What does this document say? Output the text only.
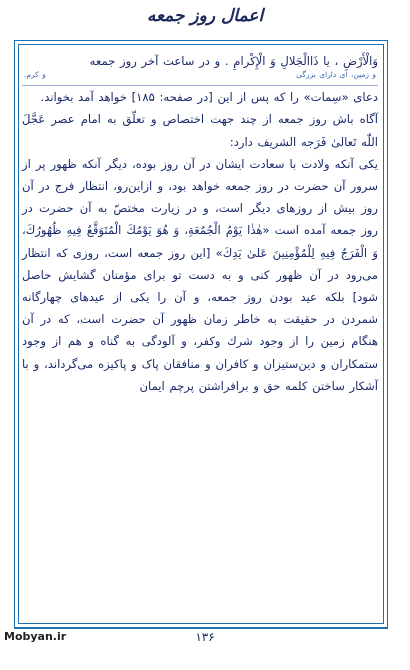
اعمال روز جمعه
وَالْأَرْضِ ، يا ذَاالْجَلالِ وَ الْإِكْرامِ . و در ساعت آخر روز جمعه
و زمين، اى داراى بزرگى
و كرم.

دعاى «سِمات» را كه پس از اين [در صفحه: ۱۸۵] خواهد آمد بخواند.

آگاه باش روز جمعه از چند جهت اختصاص و تعلّق به امام عصر عَجَّلَ اللّٰه تَعالىٰ فَرَجه الشريف دارد:

يكى آنكه ولادت با سعادت ايشان در آن روز بوده، ديگر آنكه ظهور پر از سرور آن حضرت در روز جمعه خواهد بود، و ازاين‌رو، انتظار فرج در آن روز بيش از روزهاى ديگر است، و در زيارت مختصّ به آن حضرت در روز جمعه آمده است «هٰذٰا يَوْمُ الْجُمُعَةِ، وَ هُوَ يَوْمُكَ الْمُتَوَقَّعُ فِيهِ ظُهُورُكَ، وَ الْفَرَجُ فِيهِ لِلْمُؤْمِنِينَ عَلىٰ يَدِكَ» [اين روز جمعه است، روزى كه انتظار مى‌رود در آن ظهور كنى و به دست تو براى مؤمنان گشايش حاصل شود] بلكه عيد بودن روز جمعه، و آن را يكى از عيدهاى چهارگانه شمردن در حقيقت به خاطر زمان ظهور آن حضرت است، كه در آن هنگام زمين را از وجود شرك وكفر، و آلودگى به گناه و هم از وجود ستمكاران و دين‌ستيزان و كافران و منافقان پاک و پاكيزه مى‌گرداند، و با آشكار ساختن كلمه حق و برافراشتن پرچم ايمان

Mobyan.ir	۱۳۶
